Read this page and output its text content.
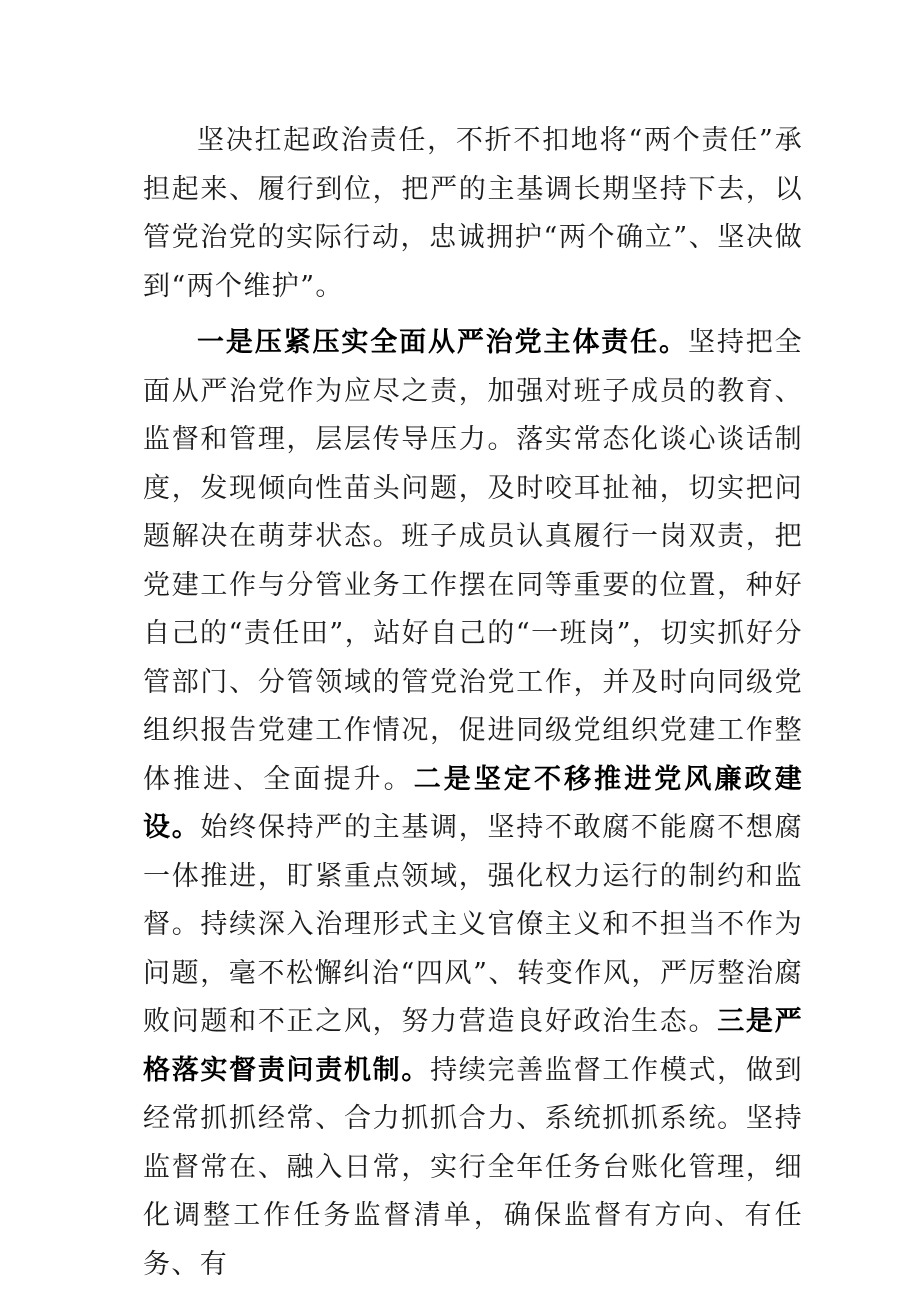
坚决扛起政治责任，不折不扣地将“两个责任”承担起来、履行到位，把严的主基调长期坚持下去，以管党治党的实际行动，忠诚拥护“两个确立”、坚决做到“两个维护”。

一是压紧压实全面从严治党主体责任。坚持把全面从严治党作为应尽之责，加强对班子成员的教育、监督和管理，层层传导压力。落实常态化谈心谈话制度，发现倾向性苗头问题，及时咬耳扯袖，切实把问题解决在萌芽状态。班子成员认真履行一岗双责，把党建工作与分管业务工作摆在同等重要的位置，种好自己的“责任田”，站好自己的“一班岗”，切实抓好分管部门、分管领域的管党治党工作，并及时向同级党组织报告党建工作情况，促进同级党组织党建工作整体推进、全面提升。二是坚定不移推进党风廉政建设。始终保持严的主基调，坚持不敢腐不能腐不想腐一体推进，盯紧重点领域，强化权力运行的制约和监督。持续深入治理形式主义官僚主义和不担当不作为问题，毫不松懈纠治“四风”、转变作风，严厉整治腐败问题和不正之风，努力营造良好政治生态。三是严格落实督责问责机制。持续完善监督工作模式，做到经常抓抓经常、合力抓抓合力、系统抓抓系统。坚持监督常在、融入日常，实行全年任务台账化管理，细化调整工作任务监督清单，确保监督有方向、有任务、有
